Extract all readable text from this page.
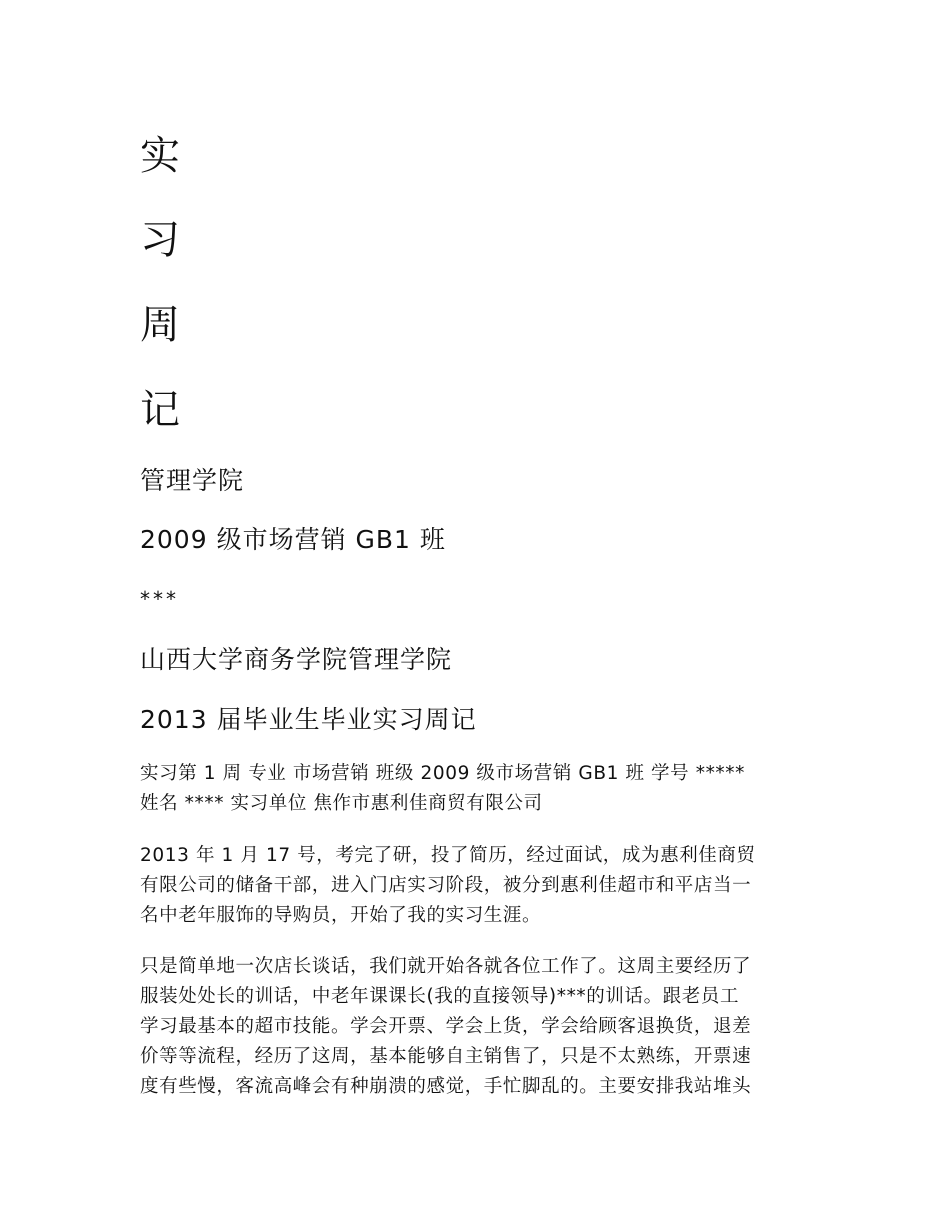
实
习
周
记
管理学院
2009 级市场营销 GB1 班
***
山西大学商务学院管理学院
2013 届毕业生毕业实习周记
实习第 1 周 专业 市场营销 班级 2009 级市场营销 GB1 班 学号 *****
姓名 **** 实习单位 焦作市惠利佳商贸有限公司
2013 年 1 月 17 号，考完了研，投了简历，经过面试，成为惠利佳商贸
有限公司的储备干部，进入门店实习阶段，被分到惠利佳超市和平店当一
名中老年服饰的导购员，开始了我的实习生涯。
只是简单地一次店长谈话，我们就开始各就各位工作了。这周主要经历了
服装处处长的训话，中老年课课长(我的直接领导)***的训话。跟老员工
学习最基本的超市技能。学会开票、学会上货，学会给顾客退换货，退差
价等等流程，经历了这周，基本能够自主销售了，只是不太熟练，开票速
度有些慢，客流高峰会有种崩溃的感觉，手忙脚乱的。主要安排我站堆头
